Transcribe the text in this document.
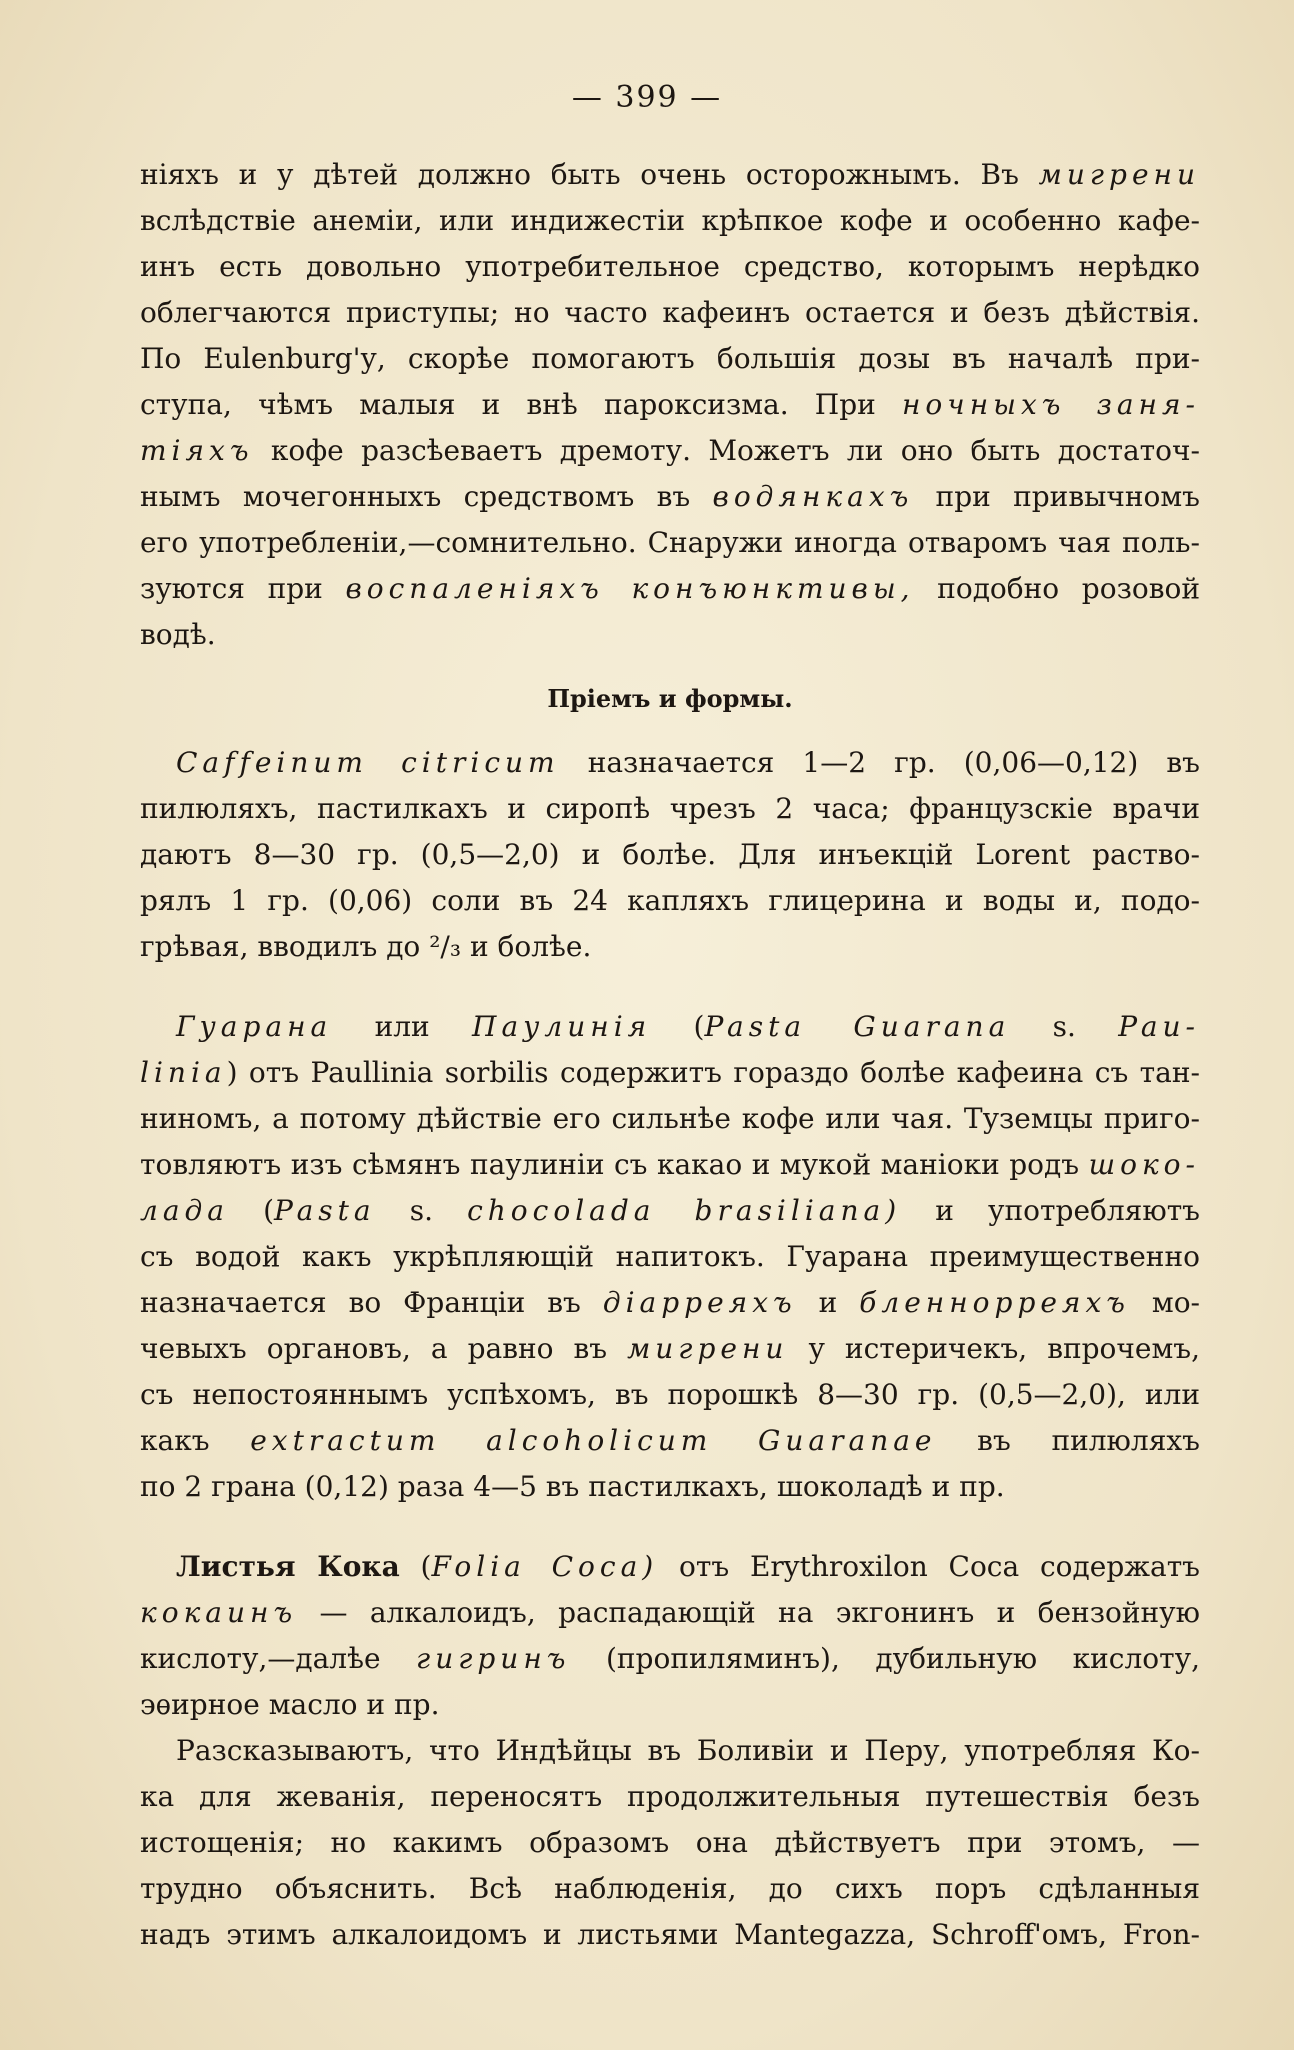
— 399 —
ніяхъ и у дѣтей должно быть очень осторожнымъ. Въ мигрени
вслѣдствіе анеміи, или индижестіи крѣпкое кофе и особенно кафе-
инъ есть довольно употребительное средство, которымъ нерѣдко
облегчаются приступы; но часто кафеинъ остается и безъ дѣйствія.
По Eulenburg'у, скорѣе помогаютъ большія дозы въ началѣ при-
ступа, чѣмъ малыя и внѣ пароксизма. При ночныхъ заня-
тіяхъ кофе разсѣеваетъ дремоту. Можетъ ли оно быть достаточ-
нымъ мочегонныхъ средствомъ въ водянкахъ при привычномъ
его употребленіи,—сомнительно. Снаружи иногда отваромъ чая поль-
зуются при воспаленіяхъ конъюнктивы, подобно розовой
водѣ.
Пріемъ и формы.
Caffeinum citricum назначается 1—2 гр. (0,06—0,12) въ
пилюляхъ, пастилкахъ и сиропѣ чрезъ 2 часа; французскіе врачи
даютъ 8—30 гр. (0,5—2,0) и болѣе. Для инъекцій Lorent раство-
рялъ 1 гр. (0,06) соли въ 24 капляхъ глицерина и воды и, подо-
грѣвая, вводилъ до ²/₃ и болѣе.
Гуарана или Паулинія (Pasta Guarana s. Pau-
linia) отъ Paullinia sorbilis содержитъ гораздо болѣе кафеина съ тан-
ниномъ, а потому дѣйствіе его сильнѣе кофе или чая. Туземцы приго-
товляютъ изъ сѣмянъ паулиніи съ какао и мукой маніоки родъ шоко-
лада (Pasta s. chocolada brasiliana) и употребляютъ
съ водой какъ укрѣпляющій напитокъ. Гуарана преимущественно
назначается во Франціи въ діарреяхъ и бленнорреяхъ мо-
чевыхъ органовъ, а равно въ мигрени у истеричекъ, впрочемъ,
съ непостояннымъ успѣхомъ, въ порошкѣ 8—30 гр. (0,5—2,0), или
какъ extractum alcoholicum Guaranae въ пилюляхъ
по 2 грана (0,12) раза 4—5 въ пастилкахъ, шоколадѣ и пр.
Листья Кока (Folia Coca) отъ Erythroxilon Coca содержатъ
кокаинъ — алкалоидъ, распадающій на экгонинъ и бензойную
кислоту,—далѣе гигринъ (пропиляминъ), дубильную кислоту,
эѳирное масло и пр.
Разсказываютъ, что Индѣйцы въ Боливіи и Перу, употребляя Ко-
ка для жеванія, переносятъ продолжительныя путешествія безъ
истощенія; но какимъ образомъ она дѣйствуетъ при этомъ, —
трудно объяснить. Всѣ наблюденія, до сихъ поръ сдѣланныя
надъ этимъ алкалоидомъ и листьями Mantegazza, Schroff'омъ, Fron-
